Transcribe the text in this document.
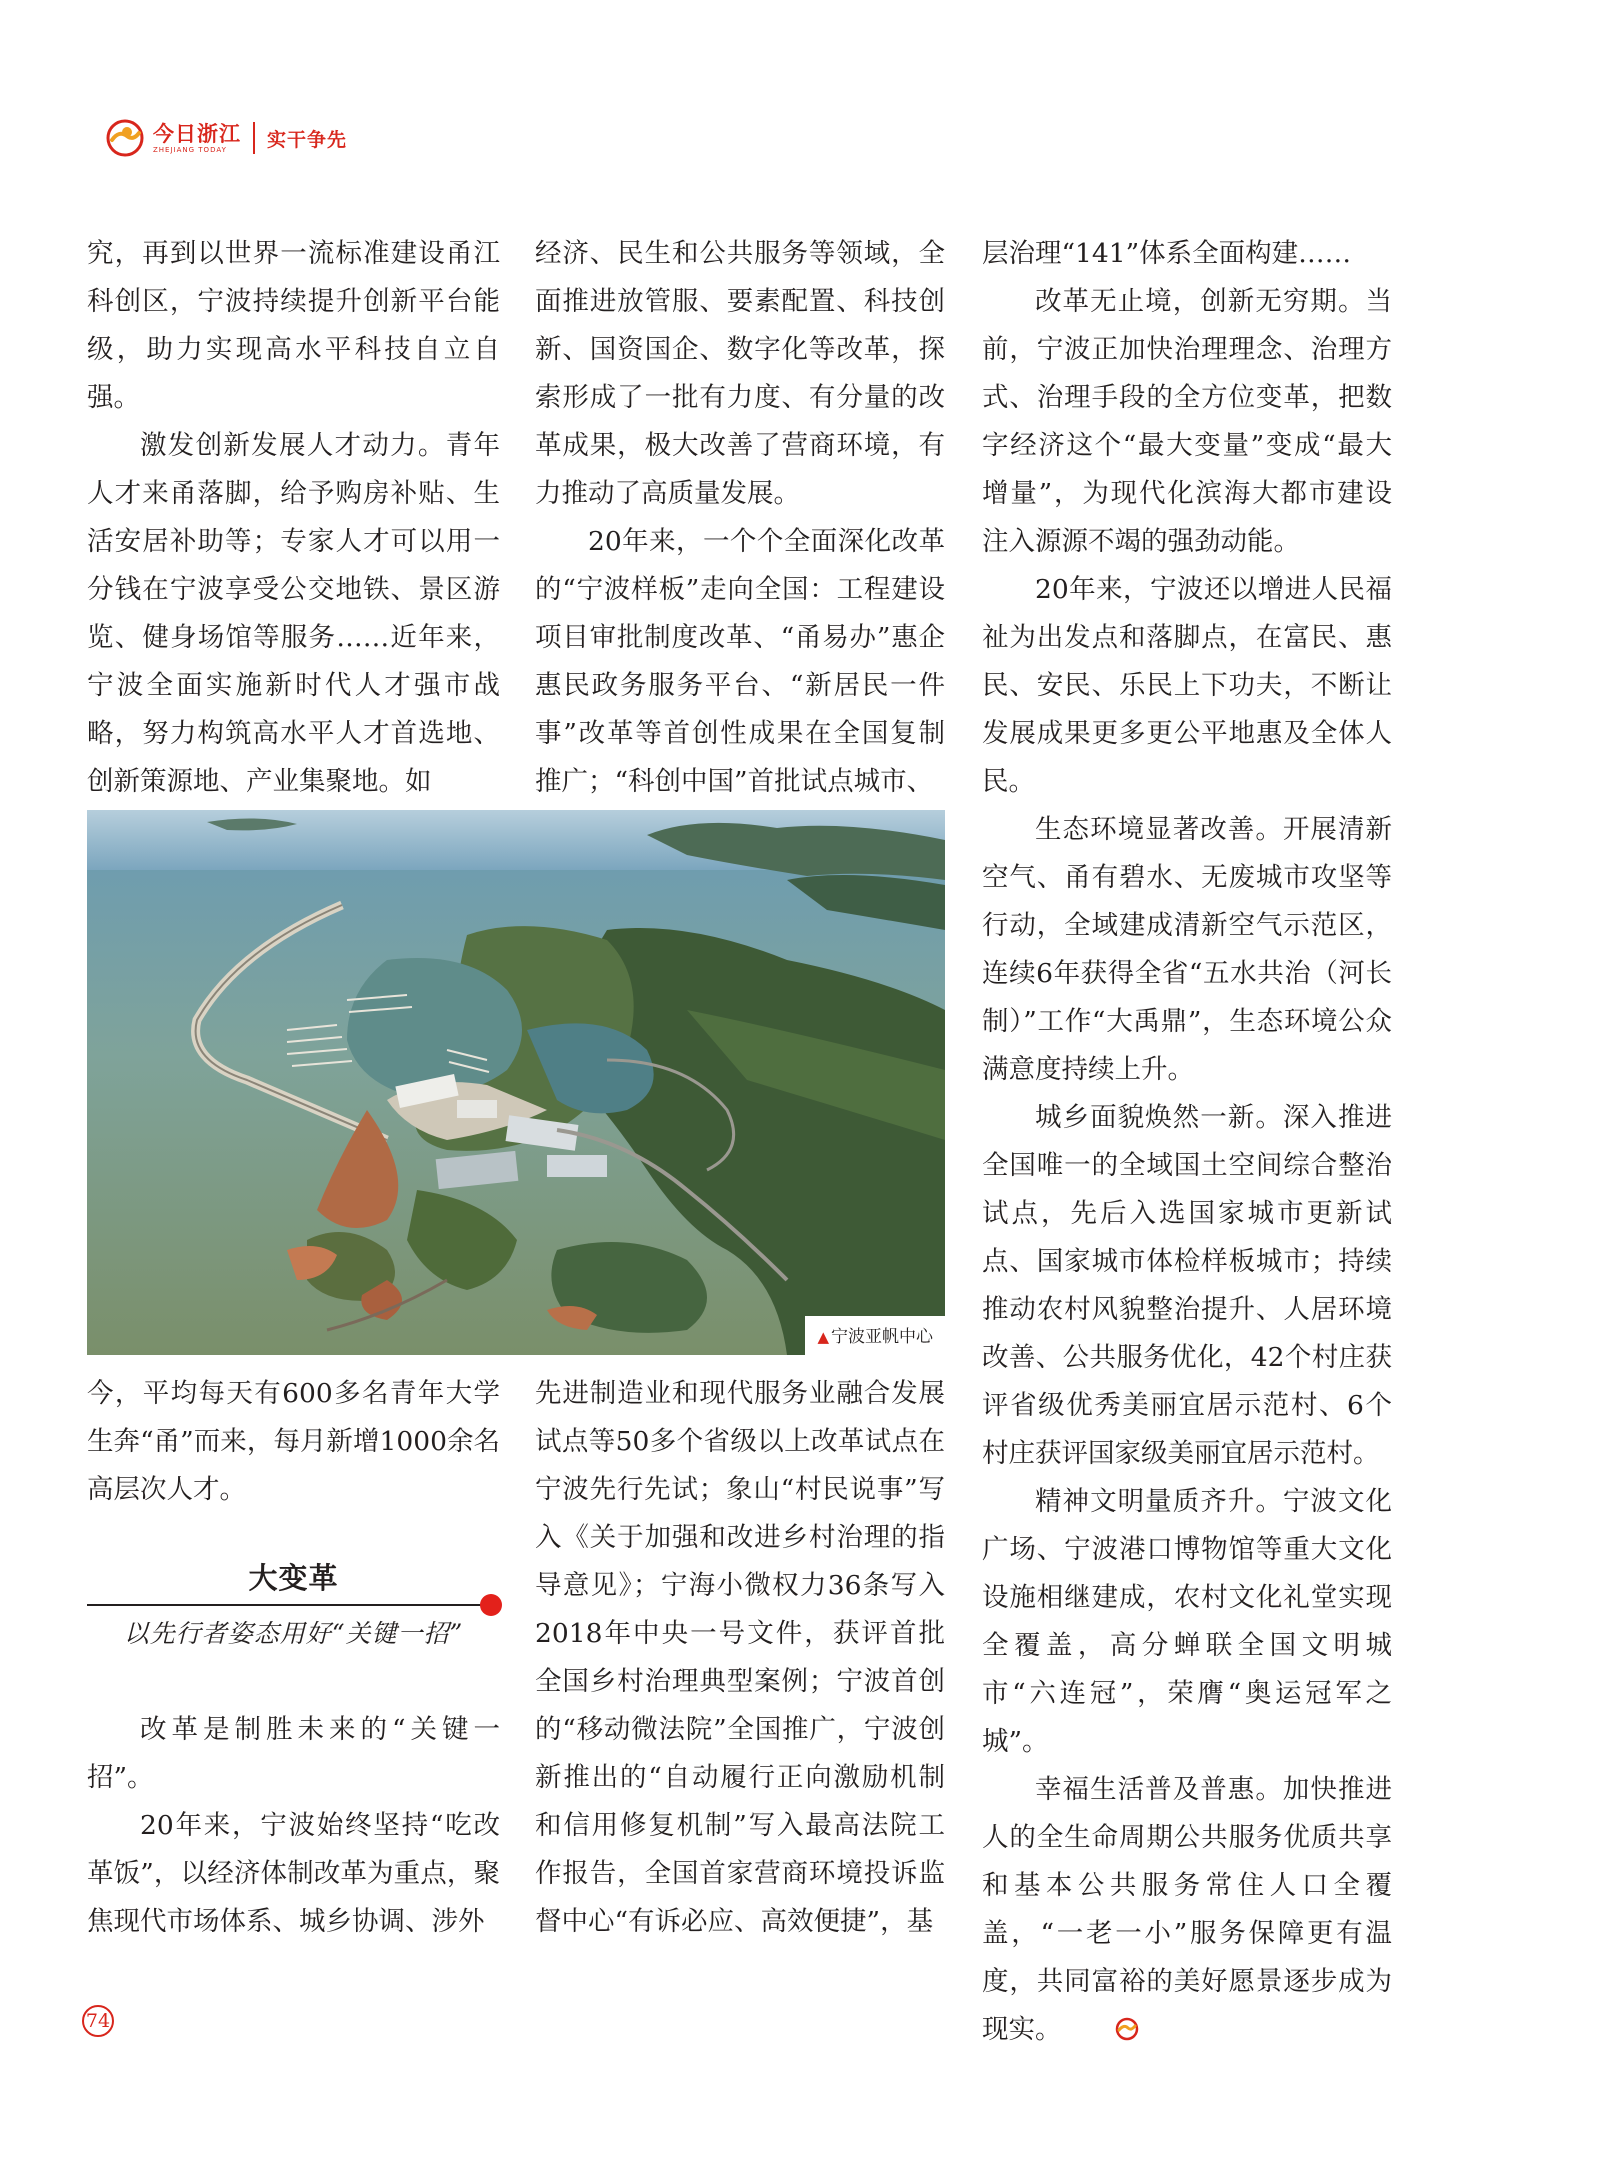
今日浙江
ZHEJIANG TODAY	实干争先

究，再到以世界一流标准建设甬江科创区，宁波持续提升创新平台能级，助力实现高水平科技自立自强。

激发创新发展人才动力。青年人才来甬落脚，给予购房补贴、生活安居补助等；专家人才可以用一分钱在宁波享受公交地铁、景区游览、健身场馆等服务……近年来，宁波全面实施新时代人才强市战略，努力构筑高水平人才首选地、创新策源地、产业集聚地。如

经济、民生和公共服务等领域，全面推进放管服、要素配置、科技创新、国资国企、数字化等改革，探索形成了一批有力度、有分量的改革成果，极大改善了营商环境，有力推动了高质量发展。

20年来，一个个全面深化改革的“宁波样板”走向全国：工程建设项目审批制度改革、“甬易办”惠企惠民政务服务平台、“新居民一件事”改革等首创性成果在全国复制推广；“科创中国”首批试点城市、

层治理“141”体系全面构建……

改革无止境，创新无穷期。当前，宁波正加快治理理念、治理方式、治理手段的全方位变革，把数字经济这个“最大变量”变成“最大增量”，为现代化滨海大都市建设注入源源不竭的强劲动能。

20年来，宁波还以增进人民福祉为出发点和落脚点，在富民、惠民、安民、乐民上下功夫，不断让发展成果更多更公平地惠及全体人民。

生态环境显著改善。开展清新空气、甬有碧水、无废城市攻坚等行动，全域建成清新空气示范区，连续6年获得全省“五水共治（河长制）”工作“大禹鼎”，生态环境公众满意度持续上升。

城乡面貌焕然一新。深入推进全国唯一的全域国土空间综合整治试点，先后入选国家城市更新试点、国家城市体检样板城市；持续推动农村风貌整治提升、人居环境改善、公共服务优化，42个村庄获评省级优秀美丽宜居示范村、6个村庄获评国家级美丽宜居示范村。

精神文明量质齐升。宁波文化广场、宁波港口博物馆等重大文化设施相继建成，农村文化礼堂实现全覆盖，高分蝉联全国文明城市“六连冠”，荣膺“奥运冠军之城”。

幸福生活普及普惠。加快推进人的全生命周期公共服务优质共享和基本公共服务常住人口全覆盖，“一老一小”服务保障更有温度，共同富裕的美好愿景逐步成为现实。

▲ 宁波亚帆中心

今，平均每天有600多名青年大学生奔“甬”而来，每月新增1000余名高层次人才。

大变革
以先行者姿态用好“关键一招”

改革是制胜未来的“关键一招”。

20年来，宁波始终坚持“吃改革饭”，以经济体制改革为重点，聚焦现代市场体系、城乡协调、涉外

先进制造业和现代服务业融合发展试点等50多个省级以上改革试点在宁波先行先试；象山“村民说事”写入《关于加强和改进乡村治理的指导意见》；宁海小微权力36条写入2018年中央一号文件，获评首批全国乡村治理典型案例；宁波首创的“移动微法院”全国推广，宁波创新推出的“自动履行正向激励机制和信用修复机制”写入最高法院工作报告，全国首家营商环境投诉监督中心“有诉必应、高效便捷”，基

74
